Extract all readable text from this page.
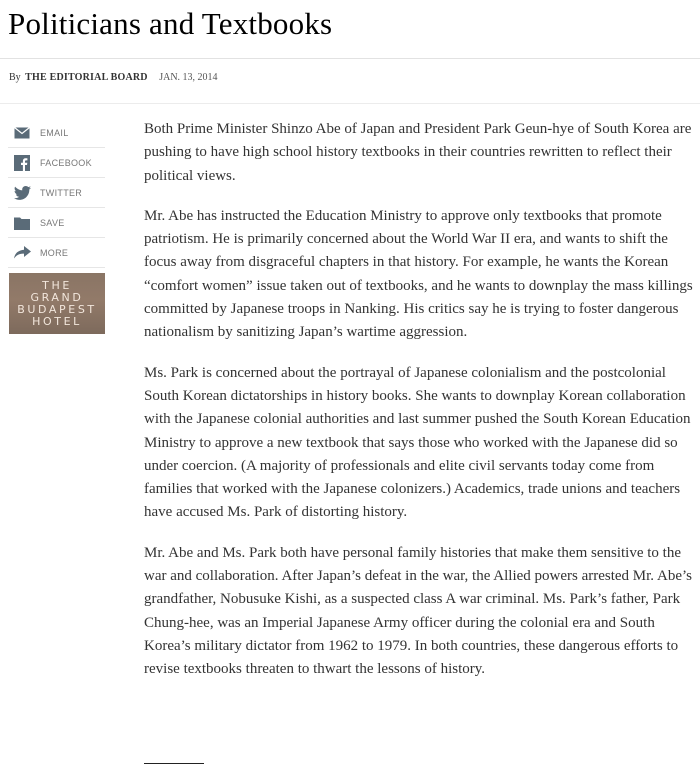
Politicians and Textbooks
By THE EDITORIAL BOARD JAN. 13, 2014
EMAIL
FACEBOOK
TWITTER
SAVE
MORE
THE
GRAND
BUDAPEST
HOTEL

Both Prime Minister Shinzo Abe of Japan and President Park Geun-hye of South Korea are pushing to have high school history textbooks in their countries rewritten to reflect their political views.

Mr. Abe has instructed the Education Ministry to approve only textbooks that promote patriotism. He is primarily concerned about the World War II era, and wants to shift the focus away from disgraceful chapters in that history. For example, he wants the Korean “comfort women” issue taken out of textbooks, and he wants to downplay the mass killings committed by Japanese troops in Nanking. His critics say he is trying to foster dangerous nationalism by sanitizing Japan’s wartime aggression.

Ms. Park is concerned about the portrayal of Japanese colonialism and the postcolonial South Korean dictatorships in history books. She wants to downplay Korean collaboration with the Japanese colonial authorities and last summer pushed the South Korean Education Ministry to approve a new textbook that says those who worked with the Japanese did so under coercion. (A majority of professionals and elite civil servants today come from families that worked with the Japanese colonizers.) Academics, trade unions and teachers have accused Ms. Park of distorting history.

Mr. Abe and Ms. Park both have personal family histories that make them sensitive to the war and collaboration. After Japan’s defeat in the war, the Allied powers arrested Mr. Abe’s grandfather, Nobusuke Kishi, as a suspected class A war criminal. Ms. Park’s father, Park Chung-hee, was an Imperial Japanese Army officer during the colonial era and South Korea’s military dictator from 1962 to 1979. In both countries, these dangerous efforts to revise textbooks threaten to thwart the lessons of history.
